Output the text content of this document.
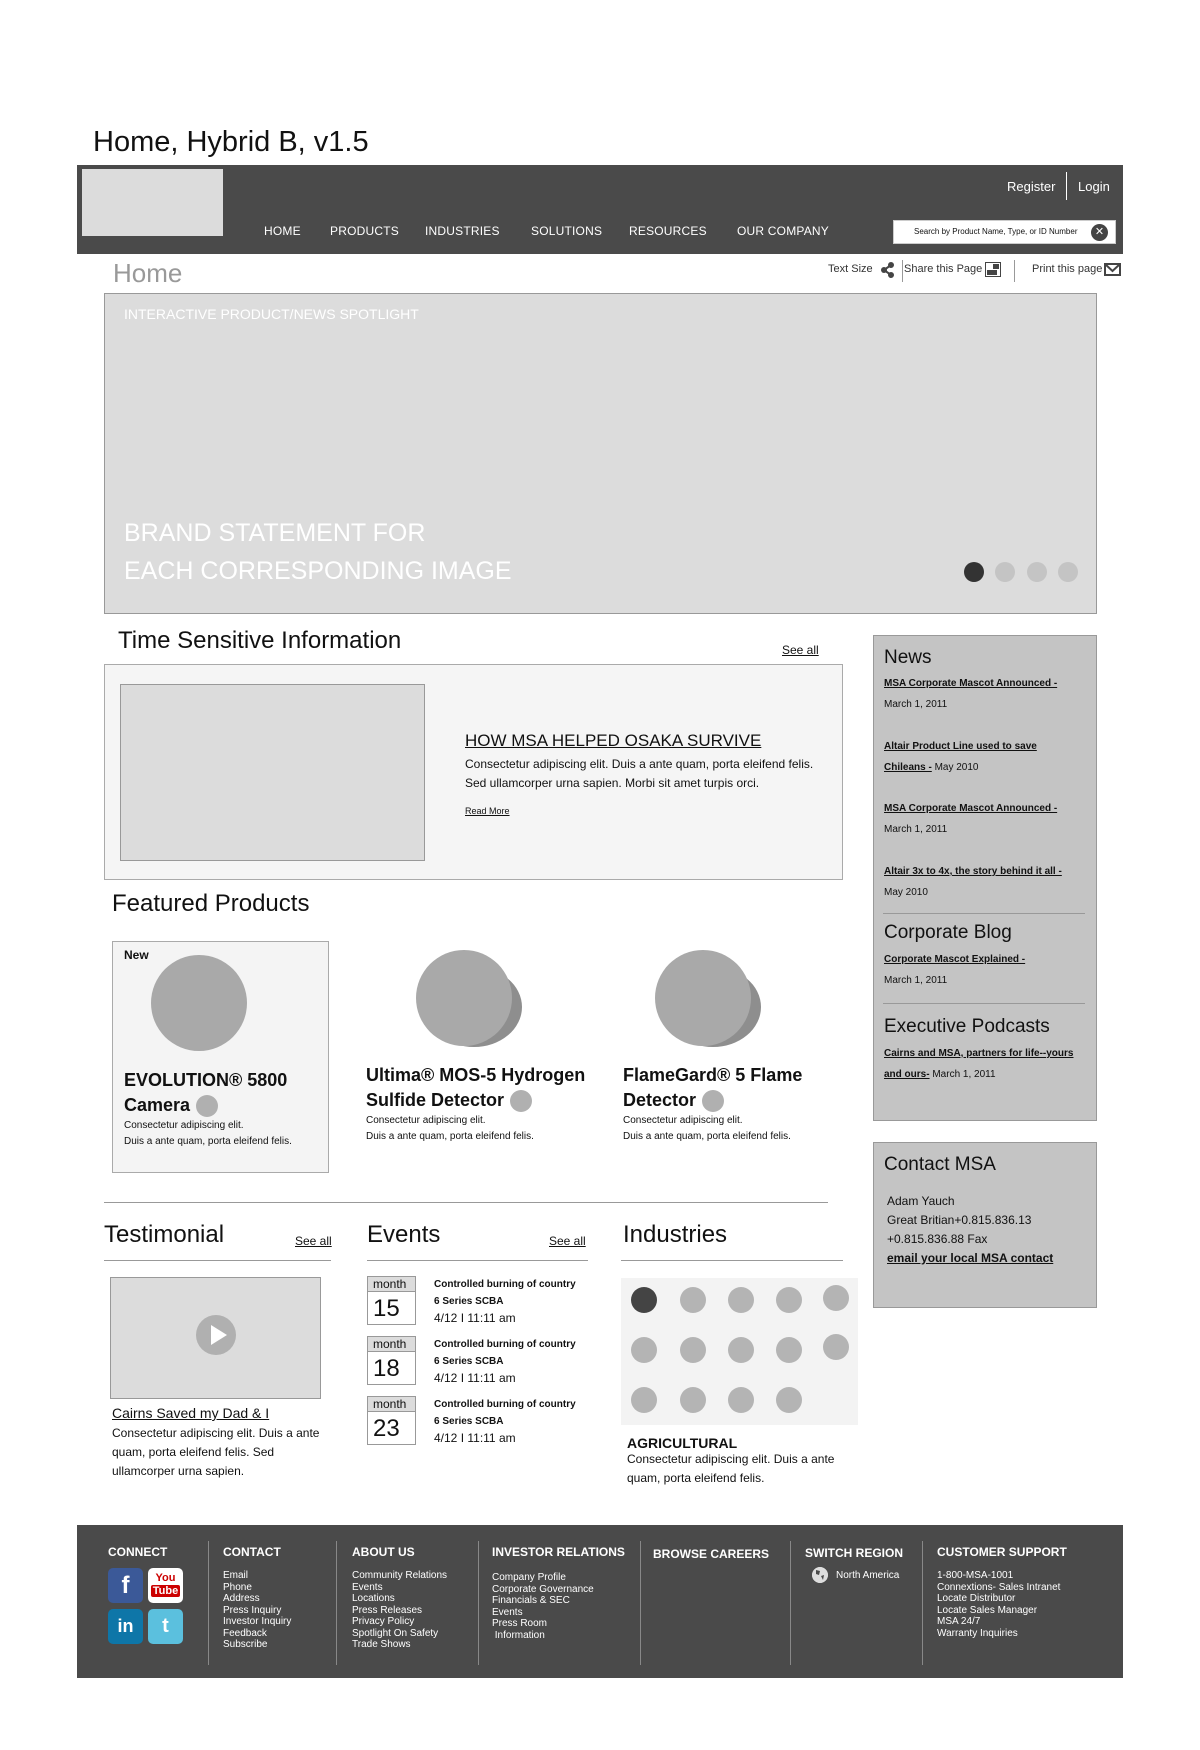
Home, Hybrid B, v1.5
Register Login
HOME PRODUCTS INDUSTRIES	SOLUTIONS RESOURCES	OUR COMPANY
Search by Product Name, Type, or ID Number	✕
Home	Text Size	Share this Page	Print this page
INTERACTIVE PRODUCT/NEWS SPOTLIGHT
BRAND STATEMENT FOR
EACH CORRESPONDING IMAGE
Time Sensitive Information	See all
HOW MSA HELPED OSAKA SURVIVE
Consectetur adipiscing elit. Duis a ante quam, porta eleifend felis. Sed ullamcorper urna sapien. Morbi sit amet turpis orci.
Read More
Featured Products
New
EVOLUTION® 5800 Camera
Consectetur adipiscing elit.
Duis a ante quam, porta eleifend felis.
Ultima® MOS-5 Hydrogen Sulfide Detector
Consectetur adipiscing elit.
Duis a ante quam, porta eleifend felis.
FlameGard® 5 Flame Detector
Consectetur adipiscing elit.
Duis a ante quam, porta eleifend felis.
News
MSA Corporate Mascot Announced -
March 1, 2011
Altair Product Line used to save
Chileans - May 2010
MSA Corporate Mascot Announced -
March 1, 2011
Altair 3x to 4x, the story behind it all -
May 2010
Corporate Blog
Corporate Mascot Explained -
March 1, 2011
Executive Podcasts
Cairns and MSA, partners for life--yours
and ours- March 1, 2011
Contact MSA
Adam Yauch
Great Britian+0.815.836.13
+0.815.836.88 Fax
email your local MSA contact
Testimonial	See all
Cairns Saved my Dad & I
Consectetur adipiscing elit. Duis a ante quam, porta eleifend felis. Sed ullamcorper urna sapien.
Events	See all
month
15
Controlled burning of country
6 Series SCBA
4/12 I 11:11 am
month
18
Controlled burning of country
6 Series SCBA
4/12 I 11:11 am
month
23
Controlled burning of country
6 Series SCBA
4/12 I 11:11 am
Industries
AGRICULTURAL
Consectetur adipiscing elit. Duis a ante quam, porta eleifend felis.
CONNECT
f	You
Tube
in	t
CONTACT
Email
Phone
Address
Press Inquiry
Investor Inquiry
Feedback
Subscribe
ABOUT US
Community Relations
Events
Locations
Press Releases
Privacy Policy
Spotlight On Safety
Trade Shows
INVESTOR RELATIONS
Company Profile
Corporate Governance
Financials & SEC
Events
Press Room
Information
BROWSE CAREERS	SWITCH REGION
North America
CUSTOMER SUPPORT
1-800-MSA-1001
Connextions- Sales Intranet
Locate Distributor
Locate Sales Manager
MSA 24/7
Warranty Inquiries
